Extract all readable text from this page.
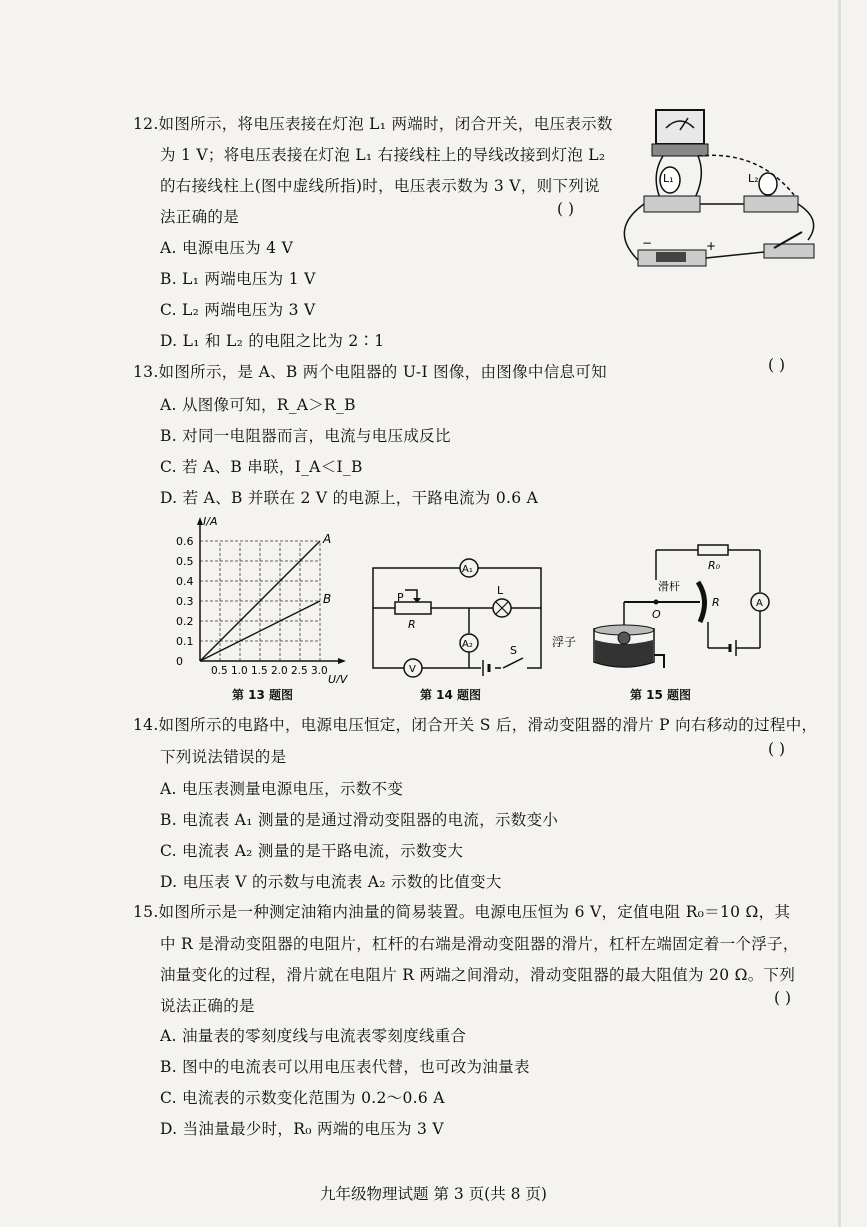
12.如图所示，将电压表接在灯泡 L₁ 两端时，闭合开关，电压表示数
为 1 V；将电压表接在灯泡 L₁ 右接线柱上的导线改接到灯泡 L₂
的右接线柱上(图中虚线所指)时，电压表示数为 3 V，则下列说
法正确的是	( )
A. 电源电压为 4 V
B. L₁ 两端电压为 1 V
C. L₂ 两端电压为 3 V
D. L₁ 和 L₂ 的电阻之比为 2∶1
L₁	L₂
−	+
13.如图所示，是 A、B 两个电阻器的 U-I 图像，由图像中信息可知	( )
A. 从图像可知，R_A＞R_B
B. 对同一电阻器而言，电流与电压成反比
C. 若 A、B 串联，I_A＜I_B
D. 若 A、B 并联在 2 V 的电源上，干路电流为 0.6 A
I/A
U/V
0
0.1
0.2
0.3
0.4
0.5
0.6
0.5 1.0 1.5 2.0 2.5 3.0
A
B
第 13 题图
A₁
P
R
L
A₂
V
S
第 14 题图
R₀
A
R
滑杆
O
浮子
第 15 题图
14.如图所示的电路中，电源电压恒定，闭合开关 S 后，滑动变阻器的滑片 P 向右移动的过程中，
下列说法错误的是	( )
A. 电压表测量电源电压，示数不变
B. 电流表 A₁ 测量的是通过滑动变阻器的电流，示数变小
C. 电流表 A₂ 测量的是干路电流，示数变大
D. 电压表 V 的示数与电流表 A₂ 示数的比值变大
15.如图所示是一种测定油箱内油量的简易装置。电源电压恒为 6 V，定值电阻 R₀＝10 Ω，其
中 R 是滑动变阻器的电阻片，杠杆的右端是滑动变阻器的滑片，杠杆左端固定着一个浮子，
油量变化的过程，滑片就在电阻片 R 两端之间滑动，滑动变阻器的最大阻值为 20 Ω。下列
说法正确的是	( )
A. 油量表的零刻度线与电流表零刻度线重合
B. 图中的电流表可以用电压表代替，也可改为油量表
C. 电流表的示数变化范围为 0.2～0.6 A
D. 当油量最少时，R₀ 两端的电压为 3 V
九年级物理试题 第 3 页(共 8 页)
